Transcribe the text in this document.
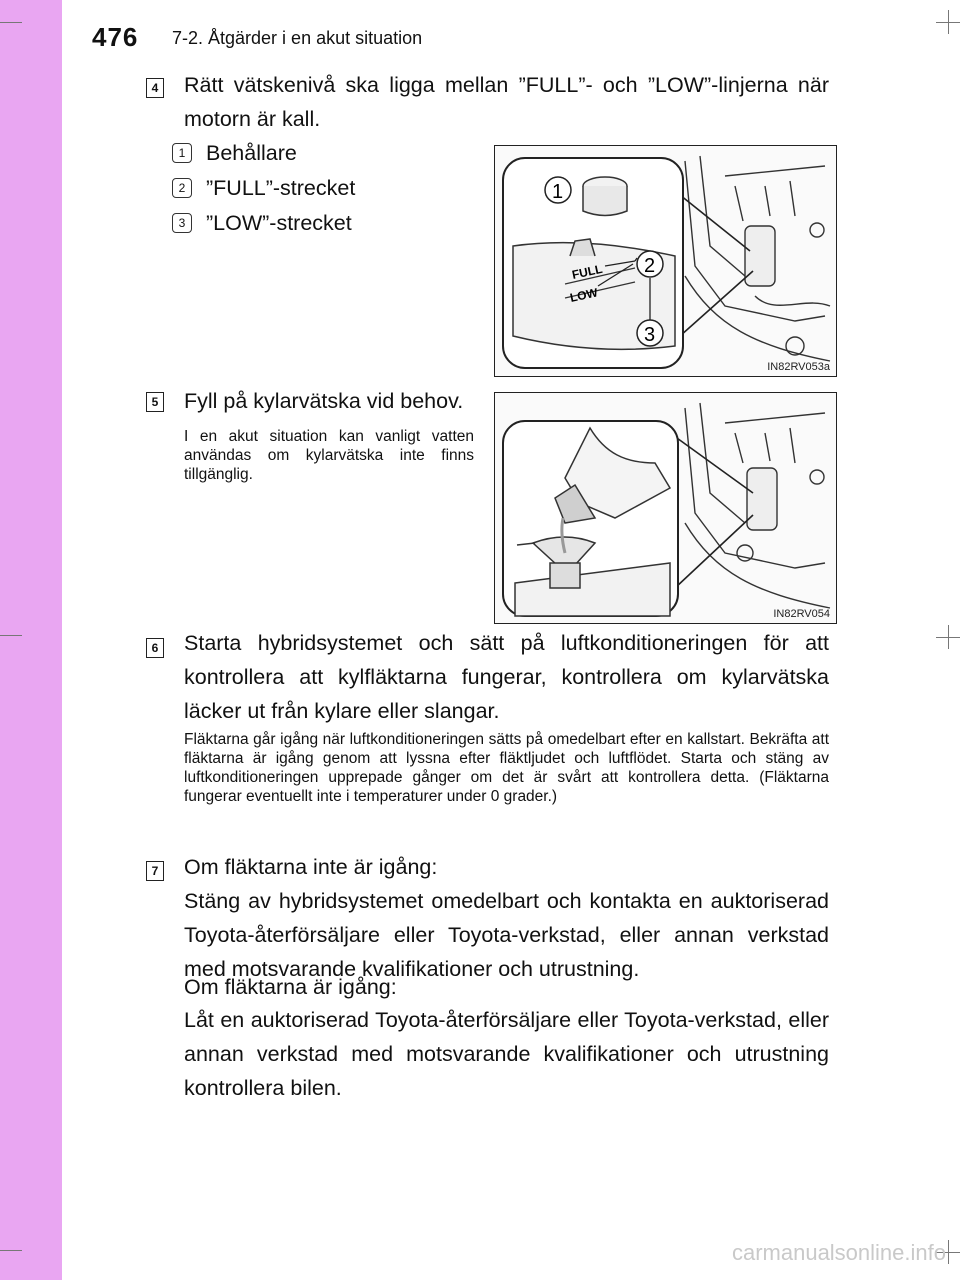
476 7-2. Åtgärder i en akut situation
4 Rätt vätskenivå ska ligga mellan ”FULL”- och ”LOW”-linjerna när motorn är kall.
1 Behållare
2 ”FULL”-strecket
3 ”LOW”-strecket
FULL
LOW
1
2
3
IN82RV053a
5 Fyll på kylarvätska vid behov.
I en akut situation kan vanligt vatten användas om kylarvätska inte finns tillgänglig.
IN82RV054
6 Starta hybridsystemet och sätt på luftkonditioneringen för att kontrollera att kylfläktarna fungerar, kontrollera om kylarvätska läcker ut från kylare eller slangar.
Fläktarna går igång när luftkonditioneringen sätts på omedelbart efter en kallstart. Bekräfta att fläktarna är igång genom att lyssna efter fläktljudet och luftflödet. Starta och stäng av luftkonditioneringen upprepade gånger om det är svårt att kontrollera detta. (Fläktarna fungerar eventuellt inte i temperaturer under 0 grader.)
7 Om fläktarna inte är igång:
Stäng av hybridsystemet omedelbart och kontakta en auktoriserad Toyota-återförsäljare eller Toyota-verkstad, eller annan verkstad med motsvarande kvalifikationer och utrustning.
Om fläktarna är igång:
Låt en auktoriserad Toyota-återförsäljare eller Toyota-verkstad, eller annan verkstad med motsvarande kvalifikationer och utrustning kontrollera bilen.
carmanualsonline.info
